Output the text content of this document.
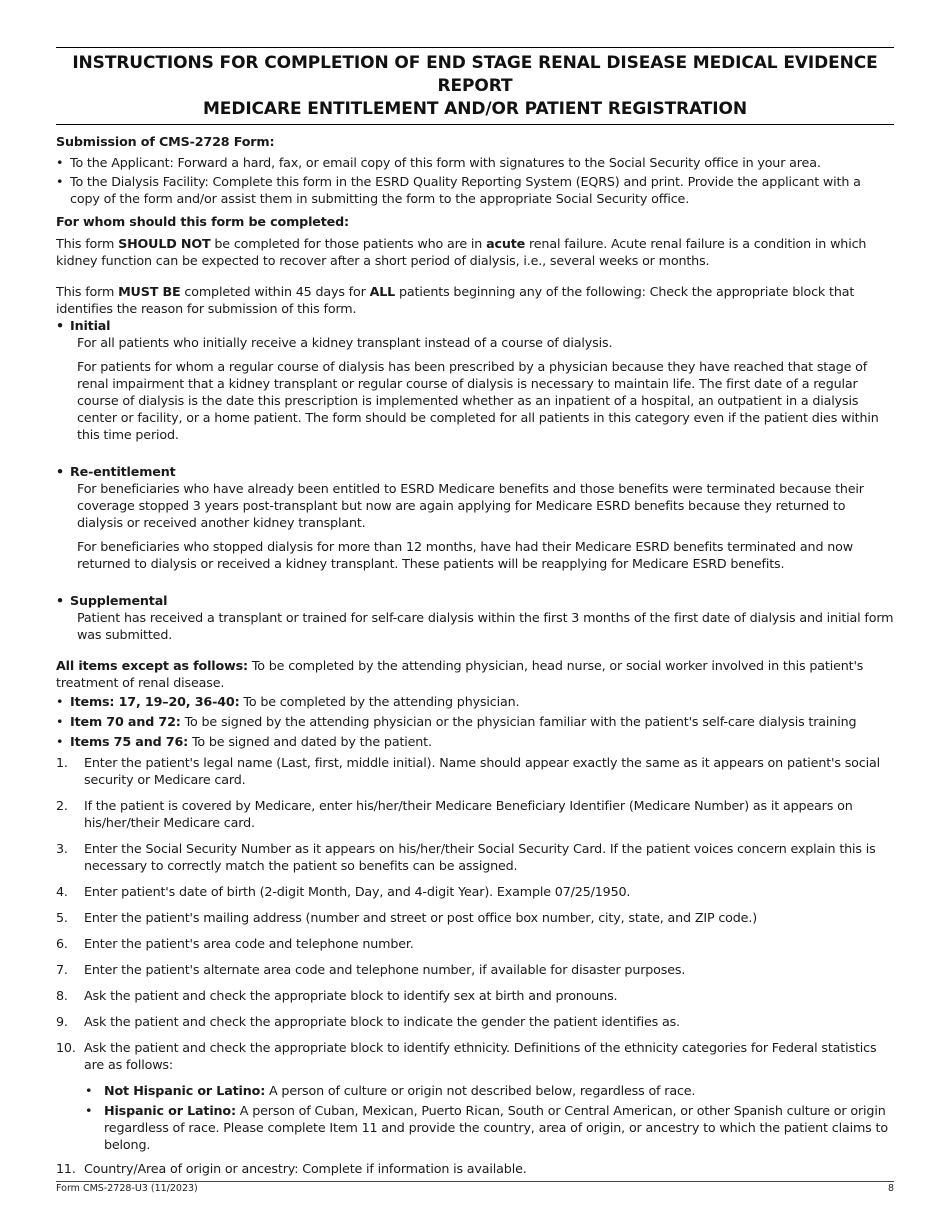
INSTRUCTIONS FOR COMPLETION OF END STAGE RENAL DISEASE MEDICAL EVIDENCE REPORT
MEDICARE ENTITLEMENT AND/OR PATIENT REGISTRATION
Submission of CMS-2728 Form:
• To the Applicant: Forward a hard, fax, or email copy of this form with signatures to the Social Security office in your area.
• To the Dialysis Facility: Complete this form in the ESRD Quality Reporting System (EQRS) and print. Provide the applicant with a copy of the form and/or assist them in submitting the form to the appropriate Social Security office.
For whom should this form be completed:
This form SHOULD NOT be completed for those patients who are in acute renal failure. Acute renal failure is a condition in which kidney function can be expected to recover after a short period of dialysis, i.e., several weeks or months.
This form MUST BE completed within 45 days for ALL patients beginning any of the following: Check the appropriate block that identifies the reason for submission of this form.
• Initial
For all patients who initially receive a kidney transplant instead of a course of dialysis.
For patients for whom a regular course of dialysis has been prescribed by a physician because they have reached that stage of renal impairment that a kidney transplant or regular course of dialysis is necessary to maintain life. The first date of a regular course of dialysis is the date this prescription is implemented whether as an inpatient of a hospital, an outpatient in a dialysis center or facility, or a home patient. The form should be completed for all patients in this category even if the patient dies within this time period.
• Re-entitlement
For beneficiaries who have already been entitled to ESRD Medicare benefits and those benefits were terminated because their coverage stopped 3 years post-transplant but now are again applying for Medicare ESRD benefits because they returned to dialysis or received another kidney transplant.
For beneficiaries who stopped dialysis for more than 12 months, have had their Medicare ESRD benefits terminated and now returned to dialysis or received a kidney transplant. These patients will be reapplying for Medicare ESRD benefits.
• Supplemental
Patient has received a transplant or trained for self-care dialysis within the first 3 months of the first date of dialysis and initial form was submitted.
All items except as follows: To be completed by the attending physician, head nurse, or social worker involved in this patient's treatment of renal disease.
• Items: 17, 19–20, 36-40: To be completed by the attending physician.
• Item 70 and 72: To be signed by the attending physician or the physician familiar with the patient's self-care dialysis training
• Items 75 and 76: To be signed and dated by the patient.
1. Enter the patient's legal name (Last, first, middle initial). Name should appear exactly the same as it appears on patient's social security or Medicare card.
2. If the patient is covered by Medicare, enter his/her/their Medicare Beneficiary Identifier (Medicare Number) as it appears on his/her/their Medicare card.
3. Enter the Social Security Number as it appears on his/her/their Social Security Card. If the patient voices concern explain this is necessary to correctly match the patient so benefits can be assigned.
4. Enter patient's date of birth (2-digit Month, Day, and 4-digit Year). Example 07/25/1950.
5. Enter the patient's mailing address (number and street or post office box number, city, state, and ZIP code.)
6. Enter the patient's area code and telephone number.
7. Enter the patient's alternate area code and telephone number, if available for disaster purposes.
8. Ask the patient and check the appropriate block to identify sex at birth and pronouns.
9. Ask the patient and check the appropriate block to indicate the gender the patient identifies as.
10. Ask the patient and check the appropriate block to identify ethnicity. Definitions of the ethnicity categories for Federal statistics are as follows:
• Not Hispanic or Latino: A person of culture or origin not described below, regardless of race.
• Hispanic or Latino: A person of Cuban, Mexican, Puerto Rican, South or Central American, or other Spanish culture or origin regardless of race. Please complete Item 11 and provide the country, area of origin, or ancestry to which the patient claims to belong.
11. Country/Area of origin or ancestry: Complete if information is available.
Form CMS-2728-U3 (11/2023)	8
